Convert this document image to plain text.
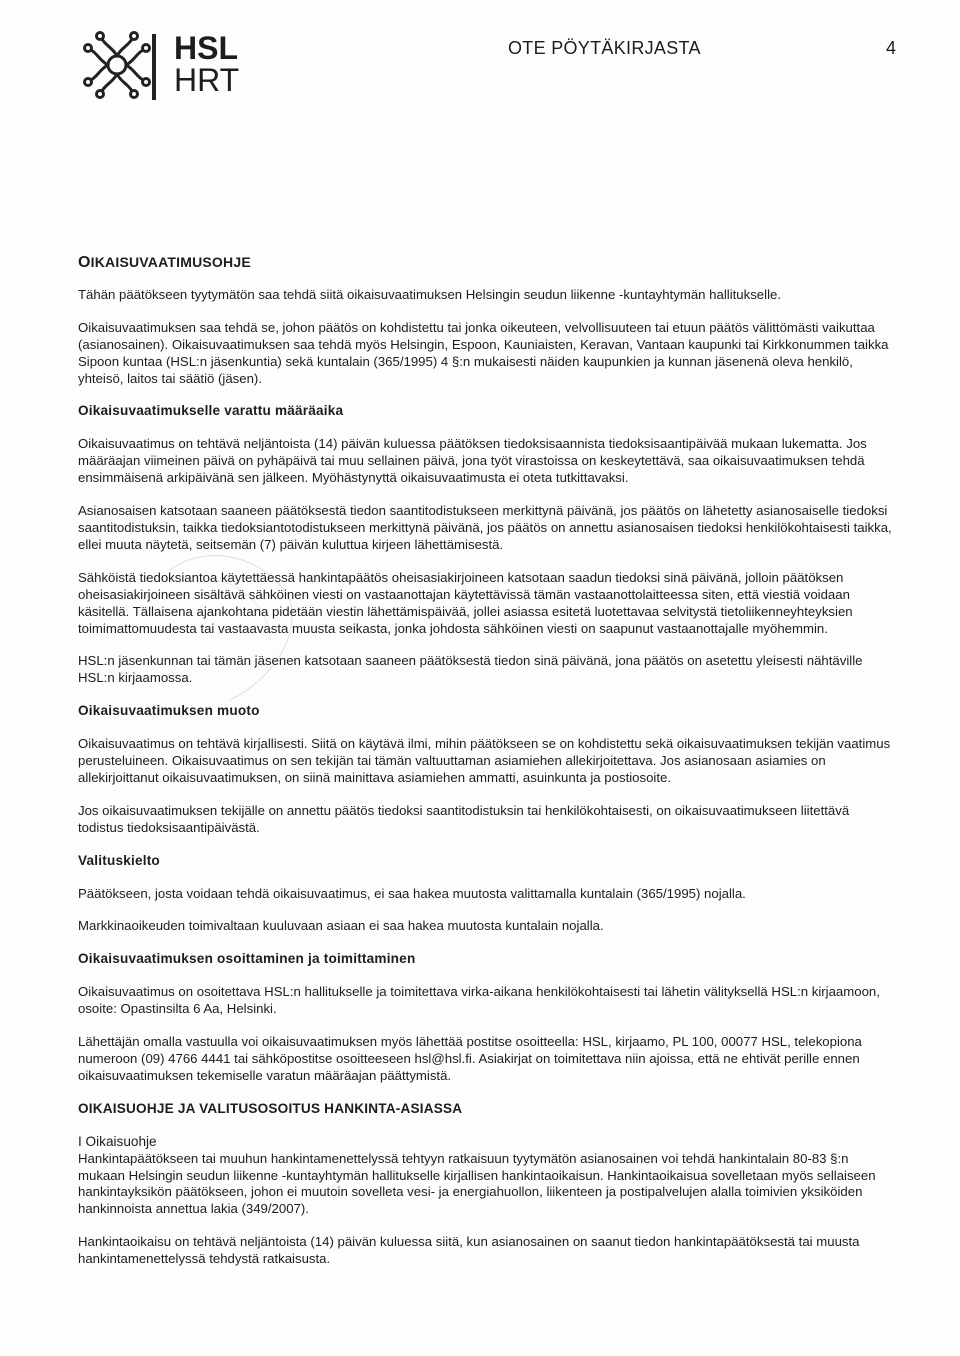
HSL
HRT
OTE PÖYTÄKIRJASTA	4
OIKAISUVAATIMUSOHJE
Tähän päätökseen tyytymätön saa tehdä siitä oikaisuvaatimuksen Helsingin seudun liikenne -kuntayhtymän hallitukselle.
Oikaisuvaatimuksen saa tehdä se, johon päätös on kohdistettu tai jonka oikeuteen, velvollisuuteen tai etuun päätös välittömästi vaikuttaa (asianosainen). Oikaisuvaatimuksen saa tehdä myös Helsingin, Espoon, Kauniaisten, Keravan, Vantaan kaupunki tai Kirkkonummen taikka Sipoon kuntaa (HSL:n jäsenkuntia) sekä kuntalain (365/1995) 4 §:n mukaisesti näiden kaupunkien ja kunnan jäsenenä oleva henkilö, yhteisö, laitos tai säätiö (jäsen).
Oikaisuvaatimukselle varattu määräaika
Oikaisuvaatimus on tehtävä neljäntoista (14) päivän kuluessa päätöksen tiedoksisaannista tiedoksisaantipäivää mukaan lukematta. Jos määräajan viimeinen päivä on pyhäpäivä tai muu sellainen päivä, jona työt virastoissa on keskeytettävä, saa oikaisuvaatimuksen tehdä ensimmäisenä arkipäivänä sen jälkeen. Myöhästynyttä oikaisuvaatimusta ei oteta tutkittavaksi.
Asianosaisen katsotaan saaneen päätöksestä tiedon saantitodistukseen merkittynä päivänä, jos päätös on lähetetty asianosaiselle tiedoksi saantitodistuksin, taikka tiedoksiantotodistukseen merkittynä päivänä, jos päätös on annettu asianosaisen tiedoksi henkilökohtaisesti taikka, ellei muuta näytetä, seitsemän (7) päivän kuluttua kirjeen lähettämisestä.
Sähköistä tiedoksiantoa käytettäessä hankintapäätös oheisasiakirjoineen katsotaan saadun tiedoksi sinä päivänä, jolloin päätöksen oheisasiakirjoineen sisältävä sähköinen viesti on vastaanottajan käytettävissä tämän vastaanottolaitteessa siten, että viestiä voidaan käsitellä. Tällaisena ajankohtana pidetään viestin lähettämispäivää, jollei asiassa esitetä luotettavaa selvitystä tietoliikenneyhteyksien toimimattomuudesta tai vastaavasta muusta seikasta, jonka johdosta sähköinen viesti on saapunut vastaanottajalle myöhemmin.
HSL:n jäsenkunnan tai tämän jäsenen katsotaan saaneen päätöksestä tiedon sinä päivänä, jona päätös on asetettu yleisesti nähtäville HSL:n kirjaamossa.
Oikaisuvaatimuksen muoto
Oikaisuvaatimus on tehtävä kirjallisesti. Siitä on käytävä ilmi, mihin päätökseen se on kohdistettu sekä oikaisuvaatimuksen tekijän vaatimus perusteluineen. Oikaisuvaatimus on sen tekijän tai tämän valtuuttaman asiamiehen allekirjoitettava. Jos asianosaan asiamies on allekirjoittanut oikaisuvaatimuksen, on siinä mainittava asiamiehen ammatti, asuinkunta ja postiosoite.
Jos oikaisuvaatimuksen tekijälle on annettu päätös tiedoksi saantitodistuksin tai henkilökohtaisesti, on oikaisuvaatimukseen liitettävä todistus tiedoksisaantipäivästä.
Valituskielto
Päätökseen, josta voidaan tehdä oikaisuvaatimus, ei saa hakea muutosta valittamalla kuntalain (365/1995) nojalla.
Markkinaoikeuden toimivaltaan kuuluvaan asiaan ei saa hakea muutosta kuntalain nojalla.
Oikaisuvaatimuksen osoittaminen ja toimittaminen
Oikaisuvaatimus on osoitettava HSL:n hallitukselle ja toimitettava virka-aikana henkilökohtaisesti tai lähetin välityksellä HSL:n kirjaamoon, osoite: Opastinsilta 6 Aa, Helsinki.
Lähettäjän omalla vastuulla voi oikaisuvaatimuksen myös lähettää postitse osoitteella: HSL, kirjaamo, PL 100, 00077 HSL, telekopiona numeroon (09) 4766 4441 tai sähköpostitse osoitteeseen hsl@hsl.fi. Asiakirjat on toimitettava niin ajoissa, että ne ehtivät perille ennen oikaisuvaatimuksen tekemiselle varatun määräajan päättymistä.
OIKAISUOHJE JA VALITUSOSOITUS HANKINTA-ASIASSA
I Oikaisuohje
Hankintapäätökseen tai muuhun hankintamenettelyssä tehtyyn ratkaisuun tyytymätön asianosainen voi tehdä hankintalain 80-83 §:n mukaan Helsingin seudun liikenne -kuntayhtymän hallitukselle kirjallisen hankintaoikaisun. Hankintaoikaisua sovelletaan myös sellaiseen hankintayksikön päätökseen, johon ei muutoin sovelleta vesi- ja energiahuollon, liikenteen ja postipalvelujen alalla toimivien yksiköiden hankinnoista annettua lakia (349/2007).
Hankintaoikaisu on tehtävä neljäntoista (14) päivän kuluessa siitä, kun asianosainen on saanut tiedon hankintapäätöksestä tai muusta hankintamenettelyssä tehdystä ratkaisusta.
